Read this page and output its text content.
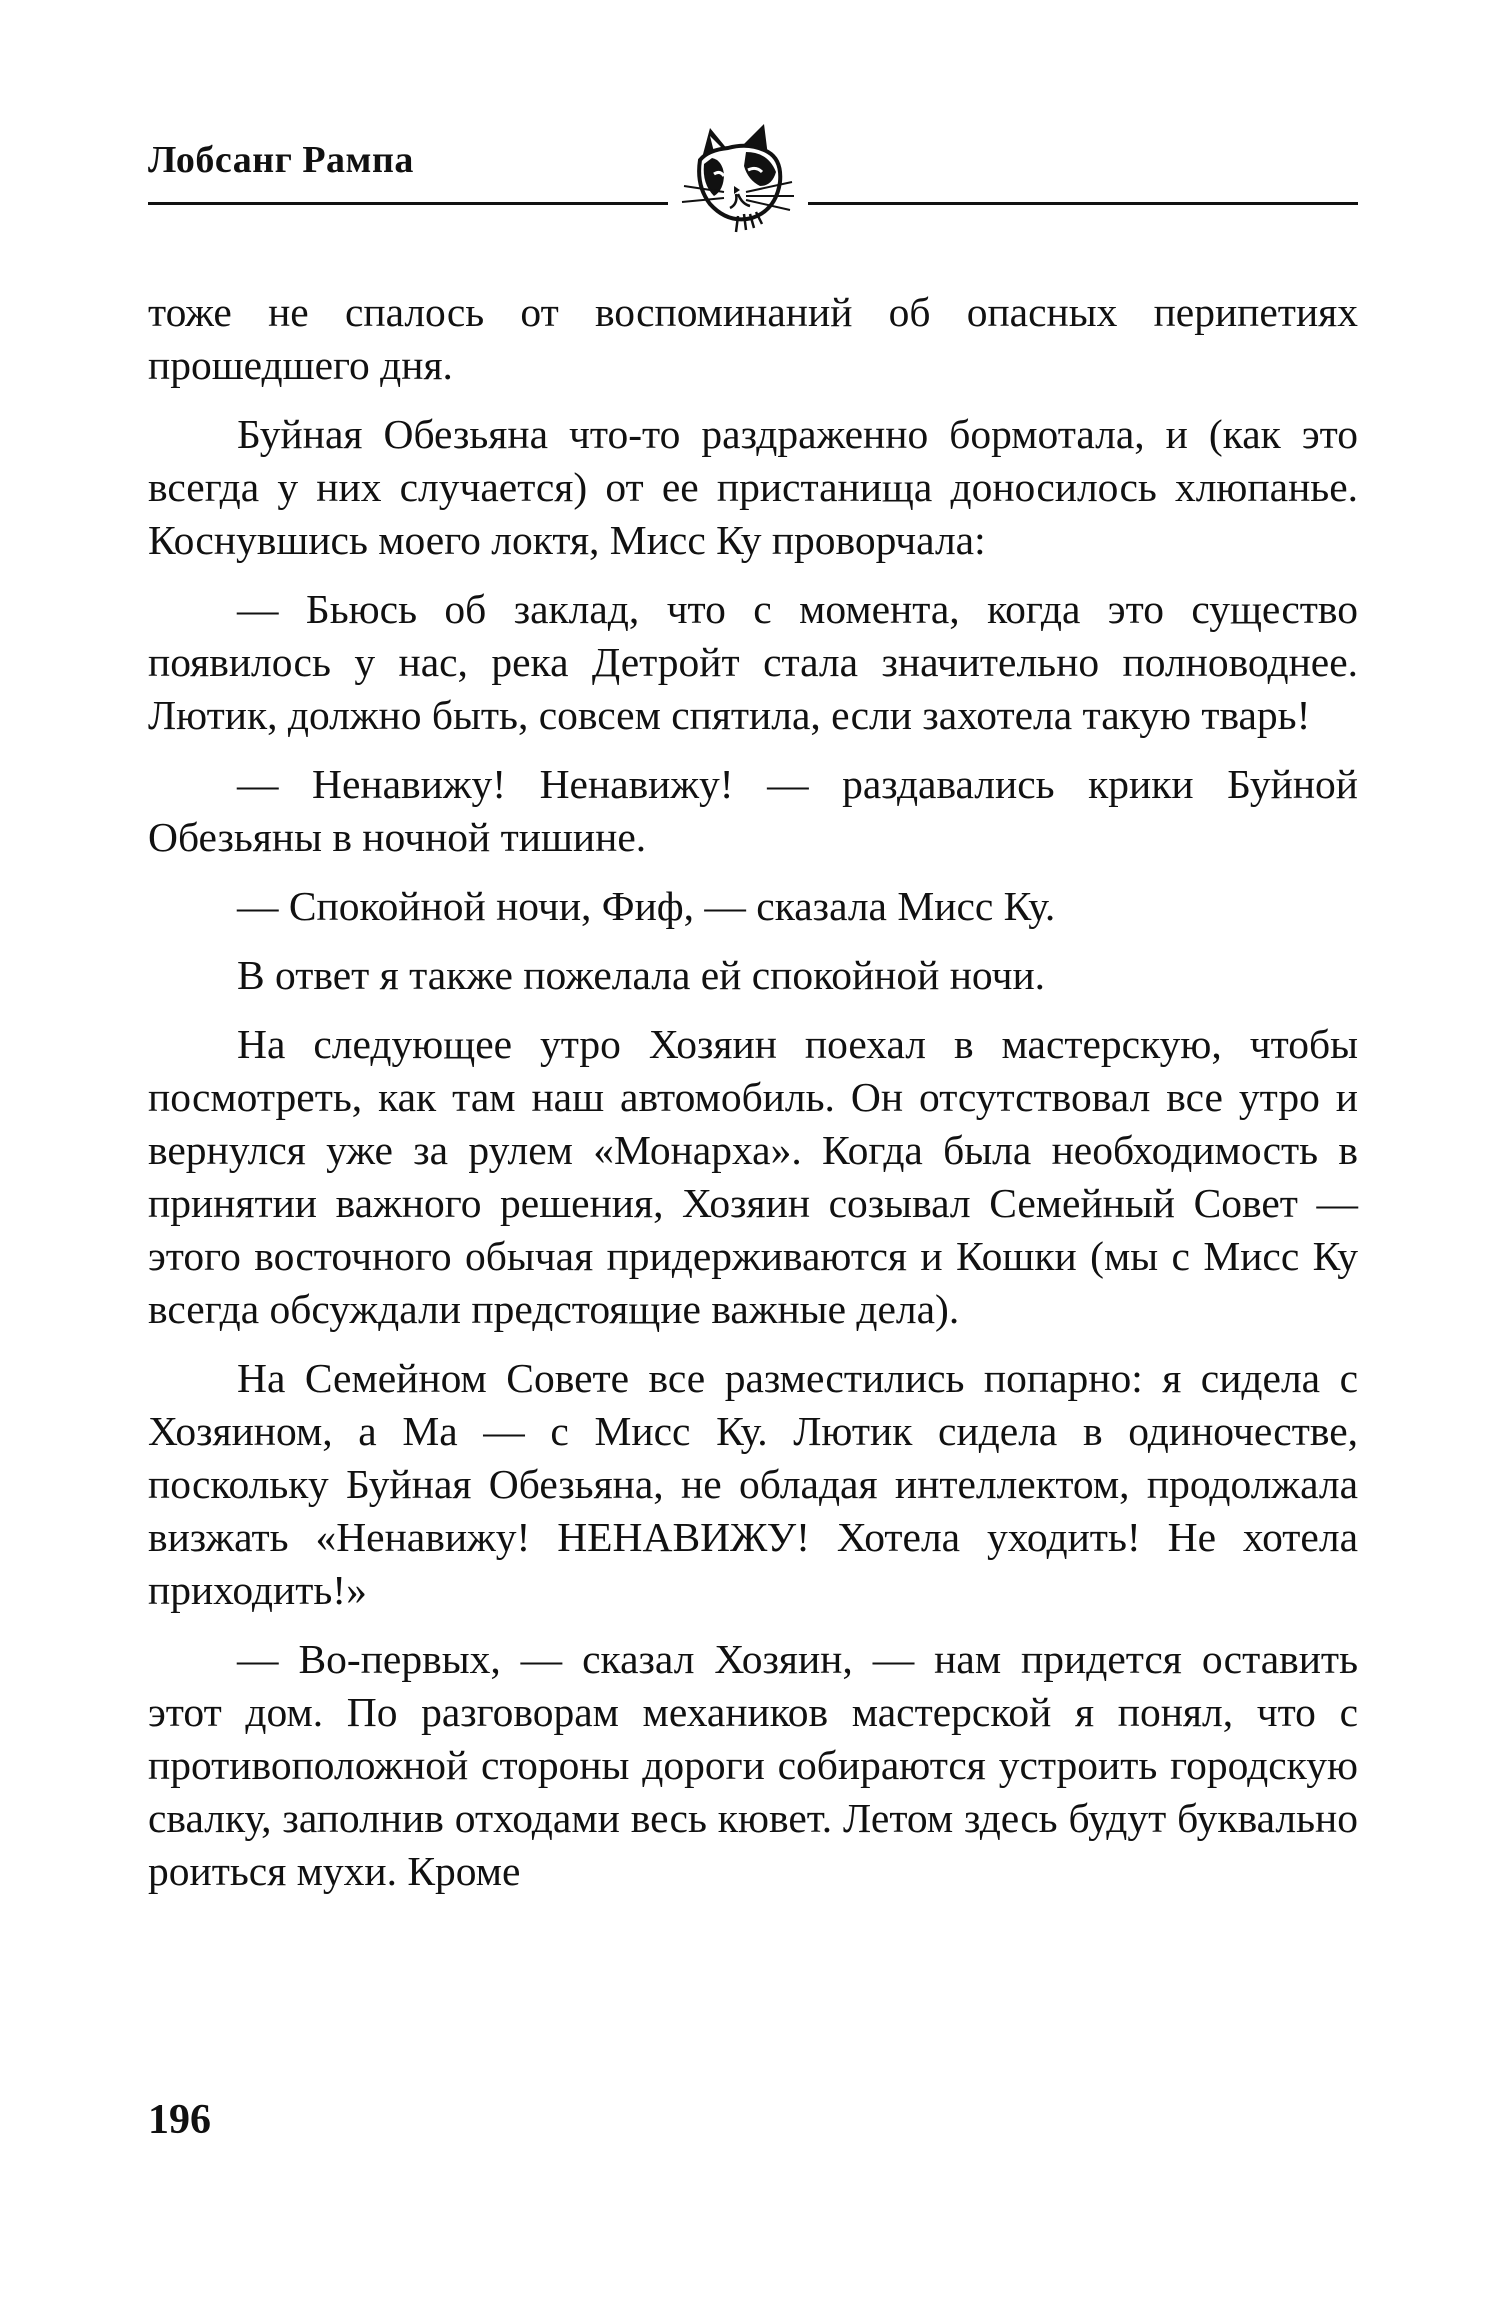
Лобсанг Рампа

тоже не спалось от воспоминаний об опасных перипетиях прошедшего дня.

Буйная Обезьяна что-то раздраженно бормотала, и (как это всегда у них случается) от ее пристанища доносилось хлюпанье. Коснувшись моего локтя, Мисс Ку проворчала:

— Бьюсь об заклад, что с момента, когда это существо появилось у нас, река Детройт стала значительно полноводнее. Лютик, должно быть, совсем спятила, если захотела такую тварь!

— Ненавижу! Ненавижу! — раздавались крики Буйной Обезьяны в ночной тишине.

— Спокойной ночи, Фиф, — сказала Мисс Ку.

В ответ я также пожелала ей спокойной ночи.

На следующее утро Хозяин поехал в мастерскую, чтобы посмотреть, как там наш автомобиль. Он отсутствовал все утро и вернулся уже за рулем «Монарха». Когда была необходимость в принятии важного решения, Хозяин созывал Семейный Совет — этого восточного обычая придерживаются и Кошки (мы с Мисс Ку всегда обсуждали предстоящие важные дела).

На Семейном Совете все разместились попарно: я сидела с Хозяином, а Ма — с Мисс Ку. Лютик сидела в одиночестве, поскольку Буйная Обезьяна, не обладая интеллектом, продолжала визжать «Ненавижу! НЕНАВИЖУ! Хотела уходить! Не хотела приходить!»

— Во-первых, — сказал Хозяин, — нам придется оставить этот дом. По разговорам механиков мастерской я понял, что с противоположной стороны дороги собираются устроить городскую свалку, заполнив отходами весь кювет. Летом здесь будут буквально роиться мухи. Кроме

196
